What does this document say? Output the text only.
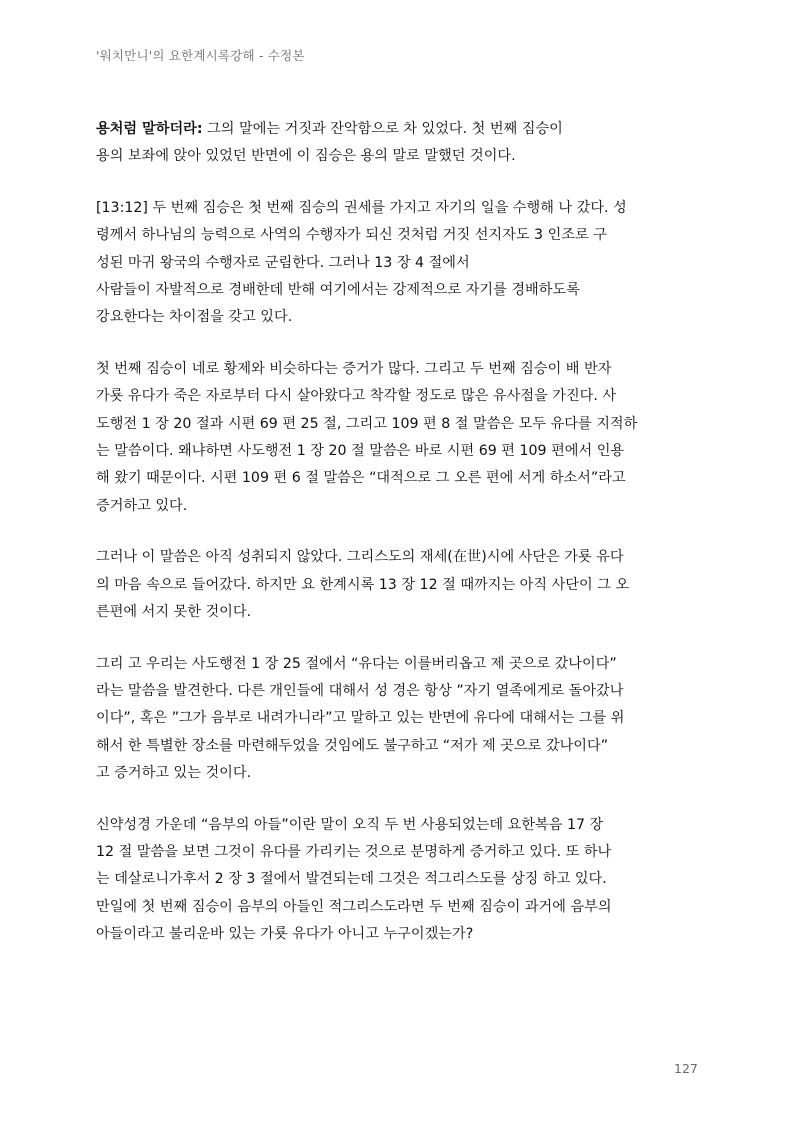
'워치만니'의 요한계시록강해 - 수정본

용처럼 말하더라: 그의 말에는 거짓과 잔악함으로 차 있었다. 첫 번째 짐승이
용의 보좌에 앉아 있었던 반면에 이 짐승은 용의 말로 말했던 것이다.

[13:12] 두 번째 짐승은 첫 번째 짐승의 권세를 가지고 자기의 일을 수행해 나 갔다. 성
령께서 하나님의 능력으로 사역의 수행자가 되신 것처럼 거짓 선지자도 3 인조로 구
성된 마귀 왕국의 수행자로 군림한다. 그러나 13 장 4 절에서
사람들이 자발적으로 경배한데 반해 여기에서는 강제적으로 자기를 경배하도록
강요한다는 차이점을 갖고 있다.

첫 번째 짐승이 네로 황제와 비슷하다는 증거가 많다. 그리고 두 번째 짐승이 배 반자
가룟 유다가 죽은 자로부터 다시 살아왔다고 착각할 정도로 많은 유사점을 가진다. 사
도행전 1 장 20 절과 시편 69 편 25 절, 그리고 109 편 8 절 말씀은 모두 유다를 지적하
는 말씀이다. 왜냐하면 사도행전 1 장 20 절 말씀은 바로 시편 69 편 109 편에서 인용
해 왔기 때문이다. 시편 109 편 6 절 말씀은 “대적으로 그 오른 편에 서게 하소서”라고
증거하고 있다.

그러나 이 말씀은 아직 성취되지 않았다. 그리스도의 재세(在世)시에 사단은 가룟 유다
의 마음 속으로 들어갔다. 하지만 요 한계시록 13 장 12 절 때까지는 아직 사단이 그 오
른편에 서지 못한 것이다.

그리 고 우리는 사도행전 1 장 25 절에서 “유다는 이를버리옵고 제 곳으로 갔나이다”
라는 말씀을 발견한다. 다른 개인들에 대해서 성 경은 항상 ”자기 열족에게로 돌아갔나
이다”, 혹은 ”그가 음부로 내려가니라”고 말하고 있는 반면에 유다에 대해서는 그를 위
해서 한 특별한 장소를 마련해두었을 것임에도 불구하고 “저가 제 곳으로 갔나이다”
고 증거하고 있는 것이다.

신약성경 가운데 “음부의 아들”이란 말이 오직 두 번 사용되었는데 요한복음 17 장
12 절 말씀을 보면 그것이 유다를 가리키는 것으로 분명하게 증거하고 있다. 또 하나
는 데살로니가후서 2 장 3 절에서 발견되는데 그것은 적그리스도를 상징 하고 있다.
만일에 첫 번째 짐승이 음부의 아들인 적그리스도라면 두 번째 짐승이 과거에 음부의
아들이라고 불리운바 있는 가룟 유다가 아니고 누구이겠는가?

127
